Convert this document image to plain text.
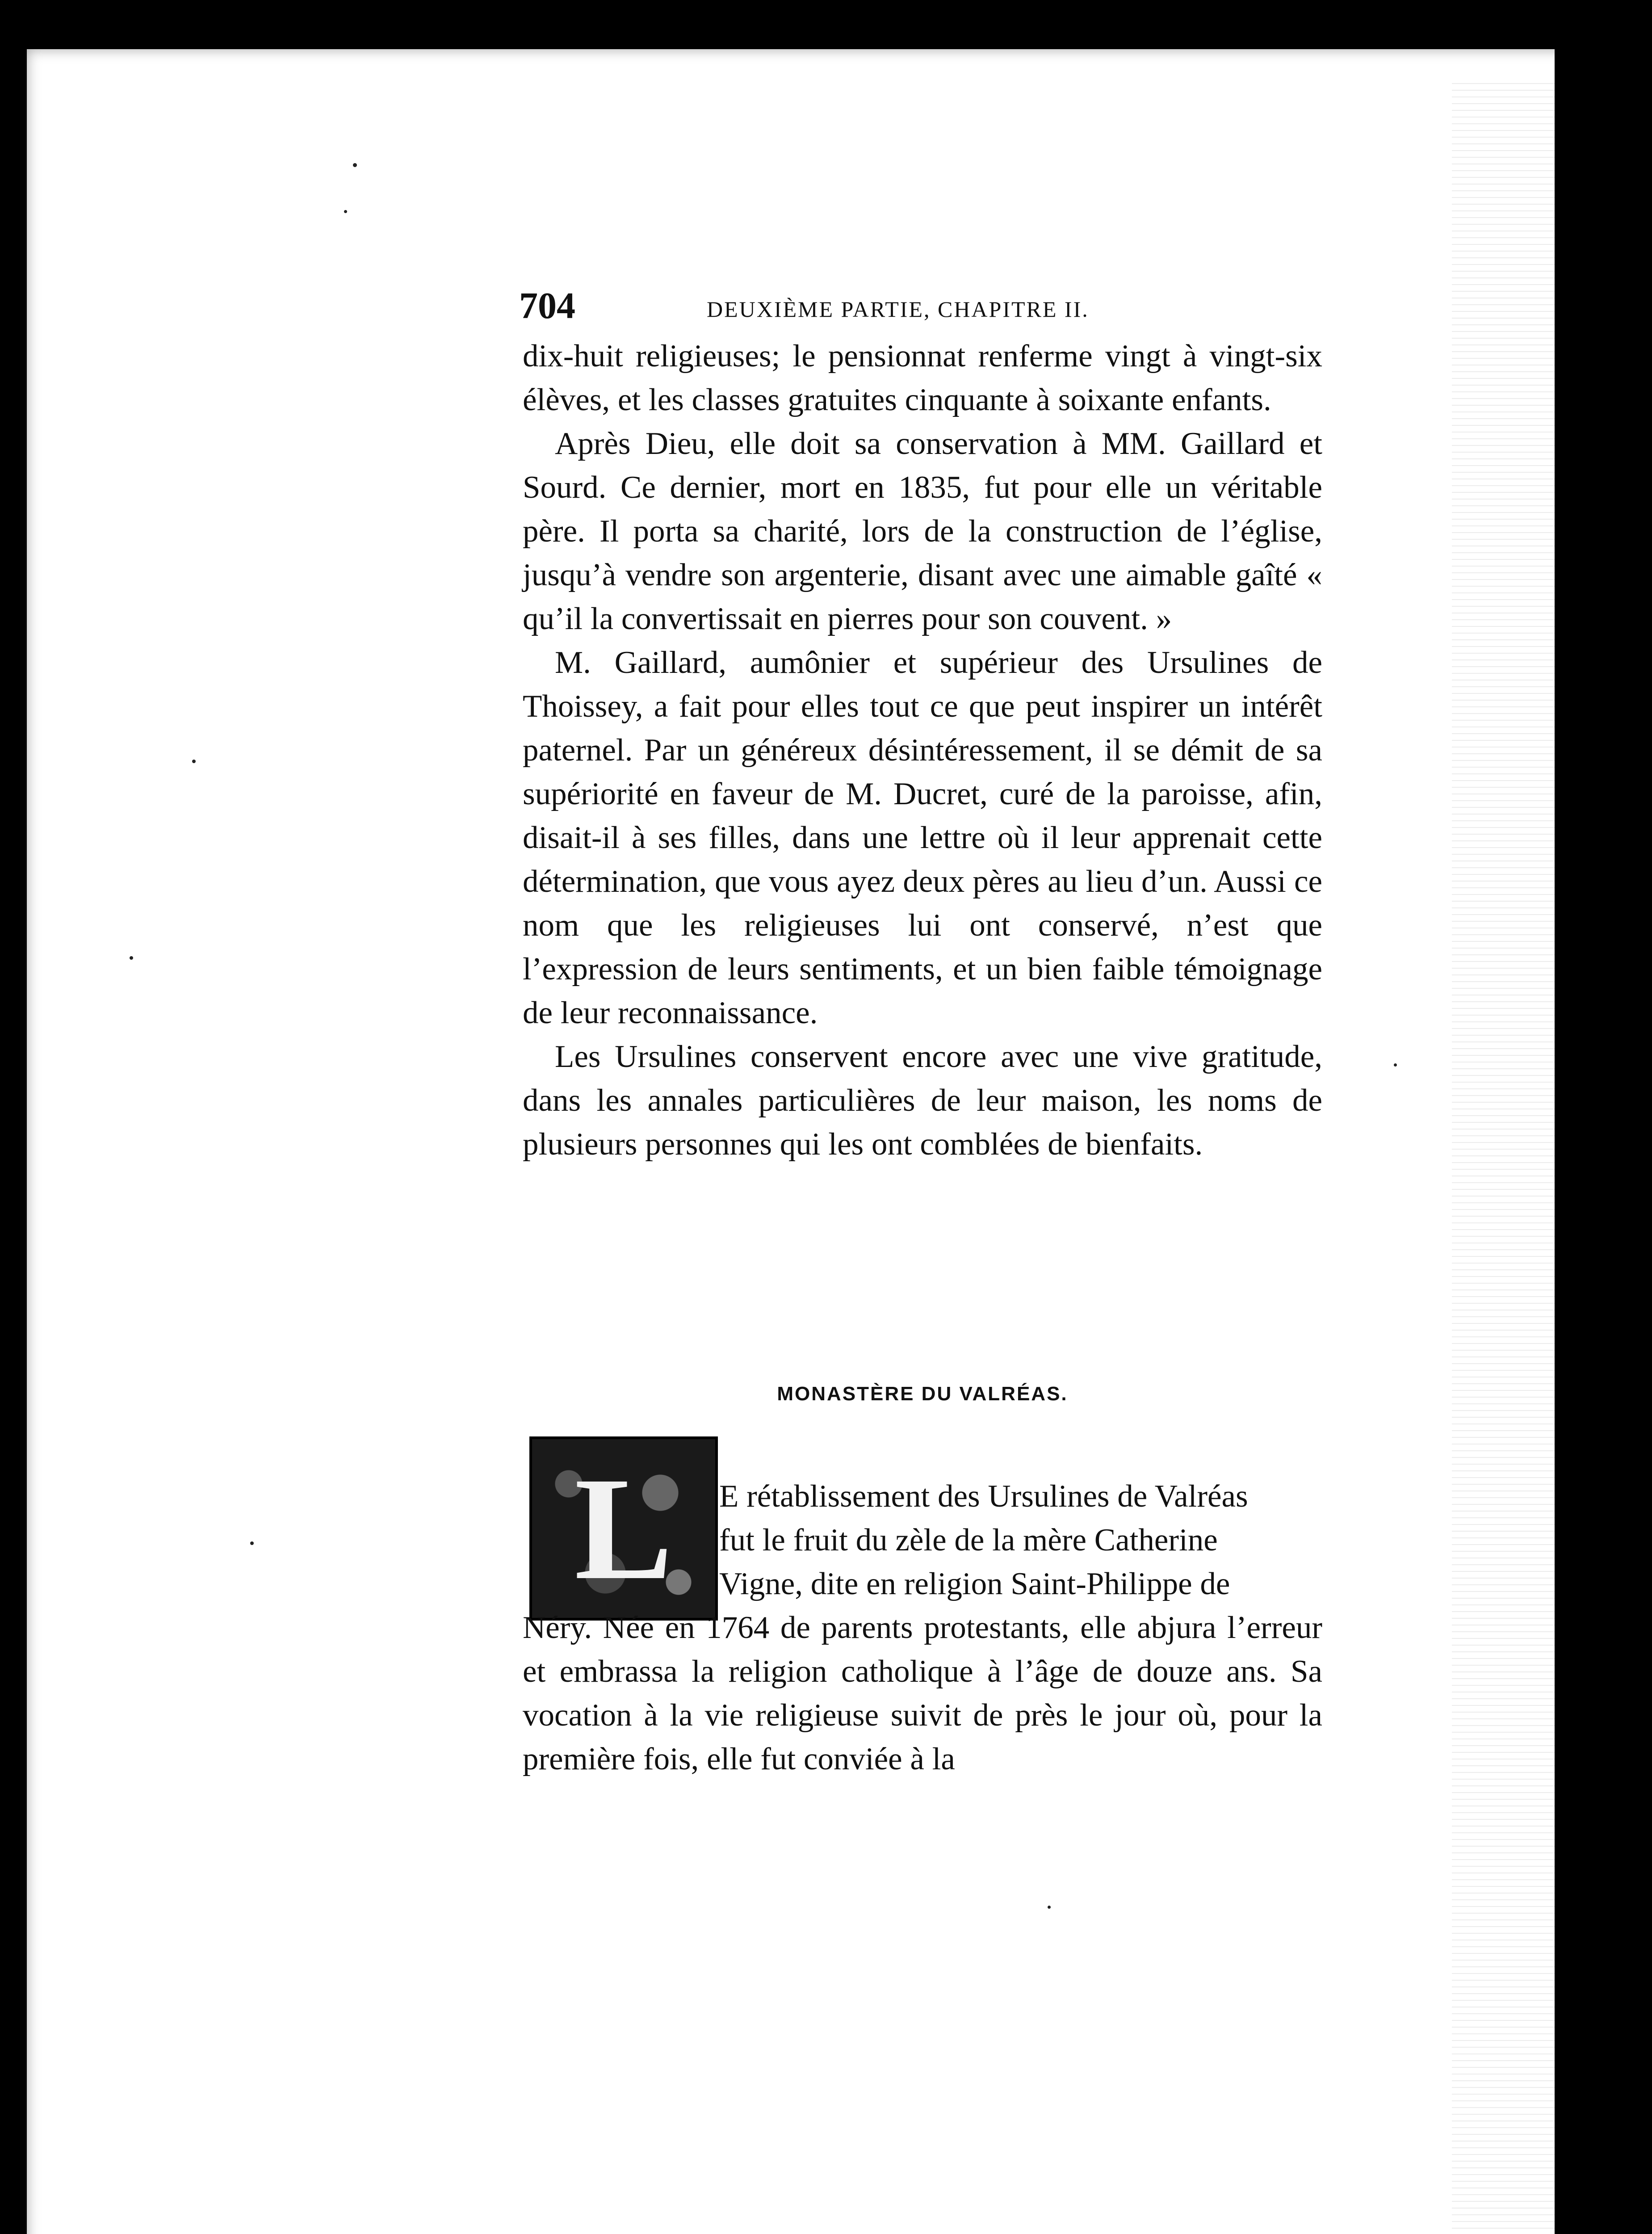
704	DEUXIÈME PARTIE, CHAPITRE II.

dix-huit religieuses; le pensionnat renferme vingt à vingt-six élèves, et les classes gratuites cinquante à soixante enfants.

Après Dieu, elle doit sa conservation à MM. Gaillard et Sourd. Ce dernier, mort en 1835, fut pour elle un véritable père. Il porta sa charité, lors de la construction de l’église, jusqu’à vendre son argenterie, disant avec une aimable gaîté « qu’il la convertissait en pierres pour son couvent. »

M. Gaillard, aumônier et supérieur des Ursulines de Thoissey, a fait pour elles tout ce que peut inspirer un intérêt paternel. Par un généreux désintéressement, il se démit de sa supériorité en faveur de M. Ducret, curé de la paroisse, afin, disait-il à ses filles, dans une lettre où il leur apprenait cette détermination, que vous ayez deux pères au lieu d’un. Aussi ce nom que les religieuses lui ont conservé, n’est que l’expression de leurs sentiments, et un bien faible témoignage de leur reconnaissance.

Les Ursulines conservent encore avec une vive gratitude, dans les annales particulières de leur maison, les noms de plusieurs personnes qui les ont comblées de bienfaits.

MONASTÈRE DU VALRÉAS.
L	E rétablissement des Ursulines de Valréas
fut le fruit du zèle de la mère Catherine
Vigne, dite en religion Saint-Philippe de
Néry. Née en 1764 de parents protestants, elle abjura l’erreur et embrassa la religion catholique à l’âge de douze ans. Sa vocation à la vie religieuse suivit de près le jour où, pour la première fois, elle fut conviée à la
